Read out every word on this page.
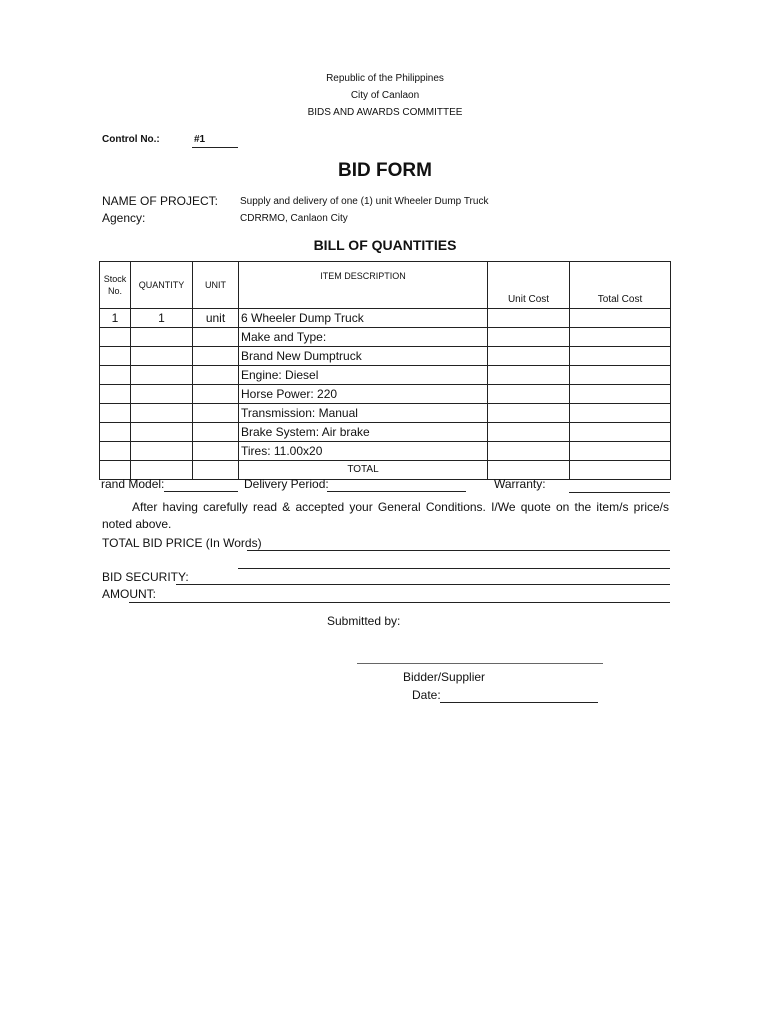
Republic of the Philippines
City of Canlaon
BIDS AND AWARDS COMMITTEE
Control No.:	#1
BID FORM
NAME OF PROJECT: Supply and delivery of one (1) unit Wheeler Dump Truck
Agency:	CDRRMO, Canlaon City
BILL OF QUANTITIES
Stock No.	QUANTITY	UNIT	ITEM DESCRIPTION	Unit Cost	Total Cost
1	1	unit	6 Wheeler Dump Truck		
			Make and Type:		
			Brand New Dumptruck		
			Engine: Diesel		
			Horse Power: 220		
			Transmission: Manual		
			Brake System: Air brake		
			Tires: 11.00x20		
			TOTAL		
rand Model:	Delivery Period:	Warranty:
After having carefully read & accepted your General Conditions. I/We quote on the item/s price/s noted above.
TOTAL BID PRICE (In Words)
BID SECURITY:
AMOUNT:
Submitted by:
Bidder/Supplier
Date:
